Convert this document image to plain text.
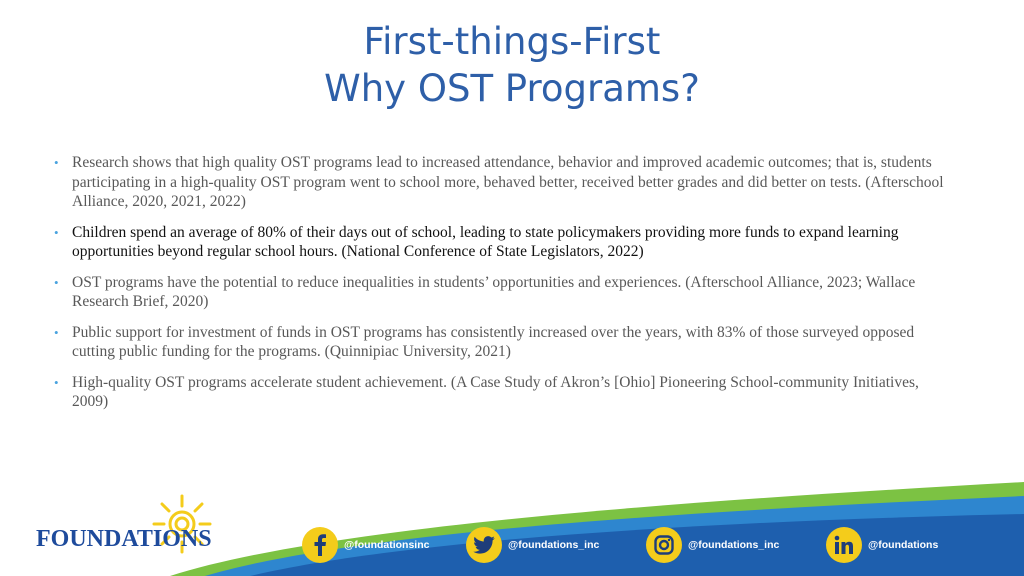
First-things-First
Why OST Programs?
• Research shows that high quality OST programs lead to increased attendance, behavior and improved academic outcomes; that is, students participating in a high-quality OST program went to school more, behaved better, received better grades and did better on tests. (Afterschool Alliance, 2020, 2021, 2022)
• Children spend an average of 80% of their days out of school, leading to state policymakers providing more funds to expand learning opportunities beyond regular school hours. (National Conference of State Legislators, 2022)
• OST programs have the potential to reduce inequalities in students’ opportunities and experiences. (Afterschool Alliance, 2023; Wallace Research Brief, 2020)
• Public support for investment of funds in OST programs has consistently increased over the years, with 83% of those surveyed opposed cutting public funding for the programs. (Quinnipiac University, 2021)
• High-quality OST programs accelerate student achievement. (A Case Study of Akron’s [Ohio] Pioneering School-community Initiatives, 2009)
FOUNDATIONS	@foundationsinc	@foundations_inc	@foundations_inc	@foundations
